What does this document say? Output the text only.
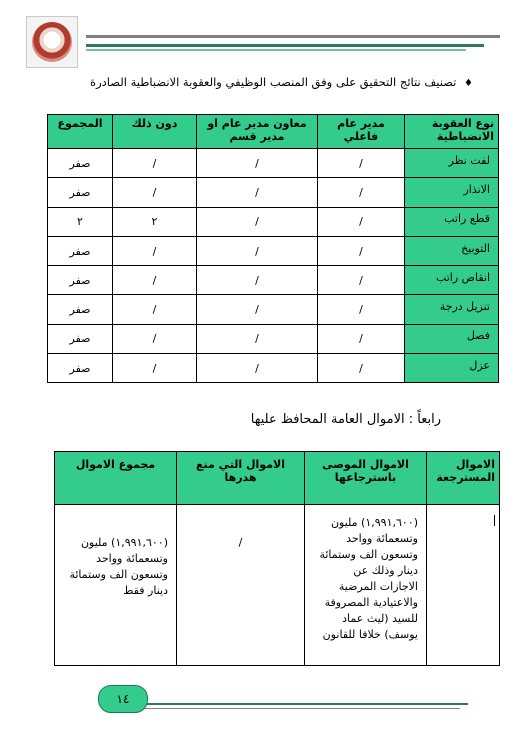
♦ تصنيف نتائج التحقيق على وفق المنصب الوظيفي والعقوبة الانضباطية الصادرة
نوع العقوبة الانضباطية	مدير عام فاعلي	معاون مدير عام او مدير قسم	دون ذلك	المجموع
لفت نظر	/	/	/	صفر
الانذار	/	/	/	صفر
قطع راتب	/	/	٢	٢
التوبيخ	/	/	/	صفر
انقاص راتب	/	/	/	صفر
تنزيل درجة	/	/	/	صفر
فصل	/	/	/	صفر
عزل	/	/	/	صفر
رابعاً : الاموال العامة المحافظ عليها
الاموال المسترجعة	الاموال الموصى باسترجاعها	الاموال التي منع هدرها	مجموع الاموال
	(١,٩٩١,٦٠٠) مليون وتسعمائة وواحد وتسعون الف وستمائة دينار وذلك عن الاجازات المرضية والاعتيادية المصروفة للسيد (ليث عماد يوسف) خلافا للقانون	/	(١,٩٩١,٦٠٠) مليون وتسعمائة وواحد وتسعون الف وستمائة دينار فقط
١٤
